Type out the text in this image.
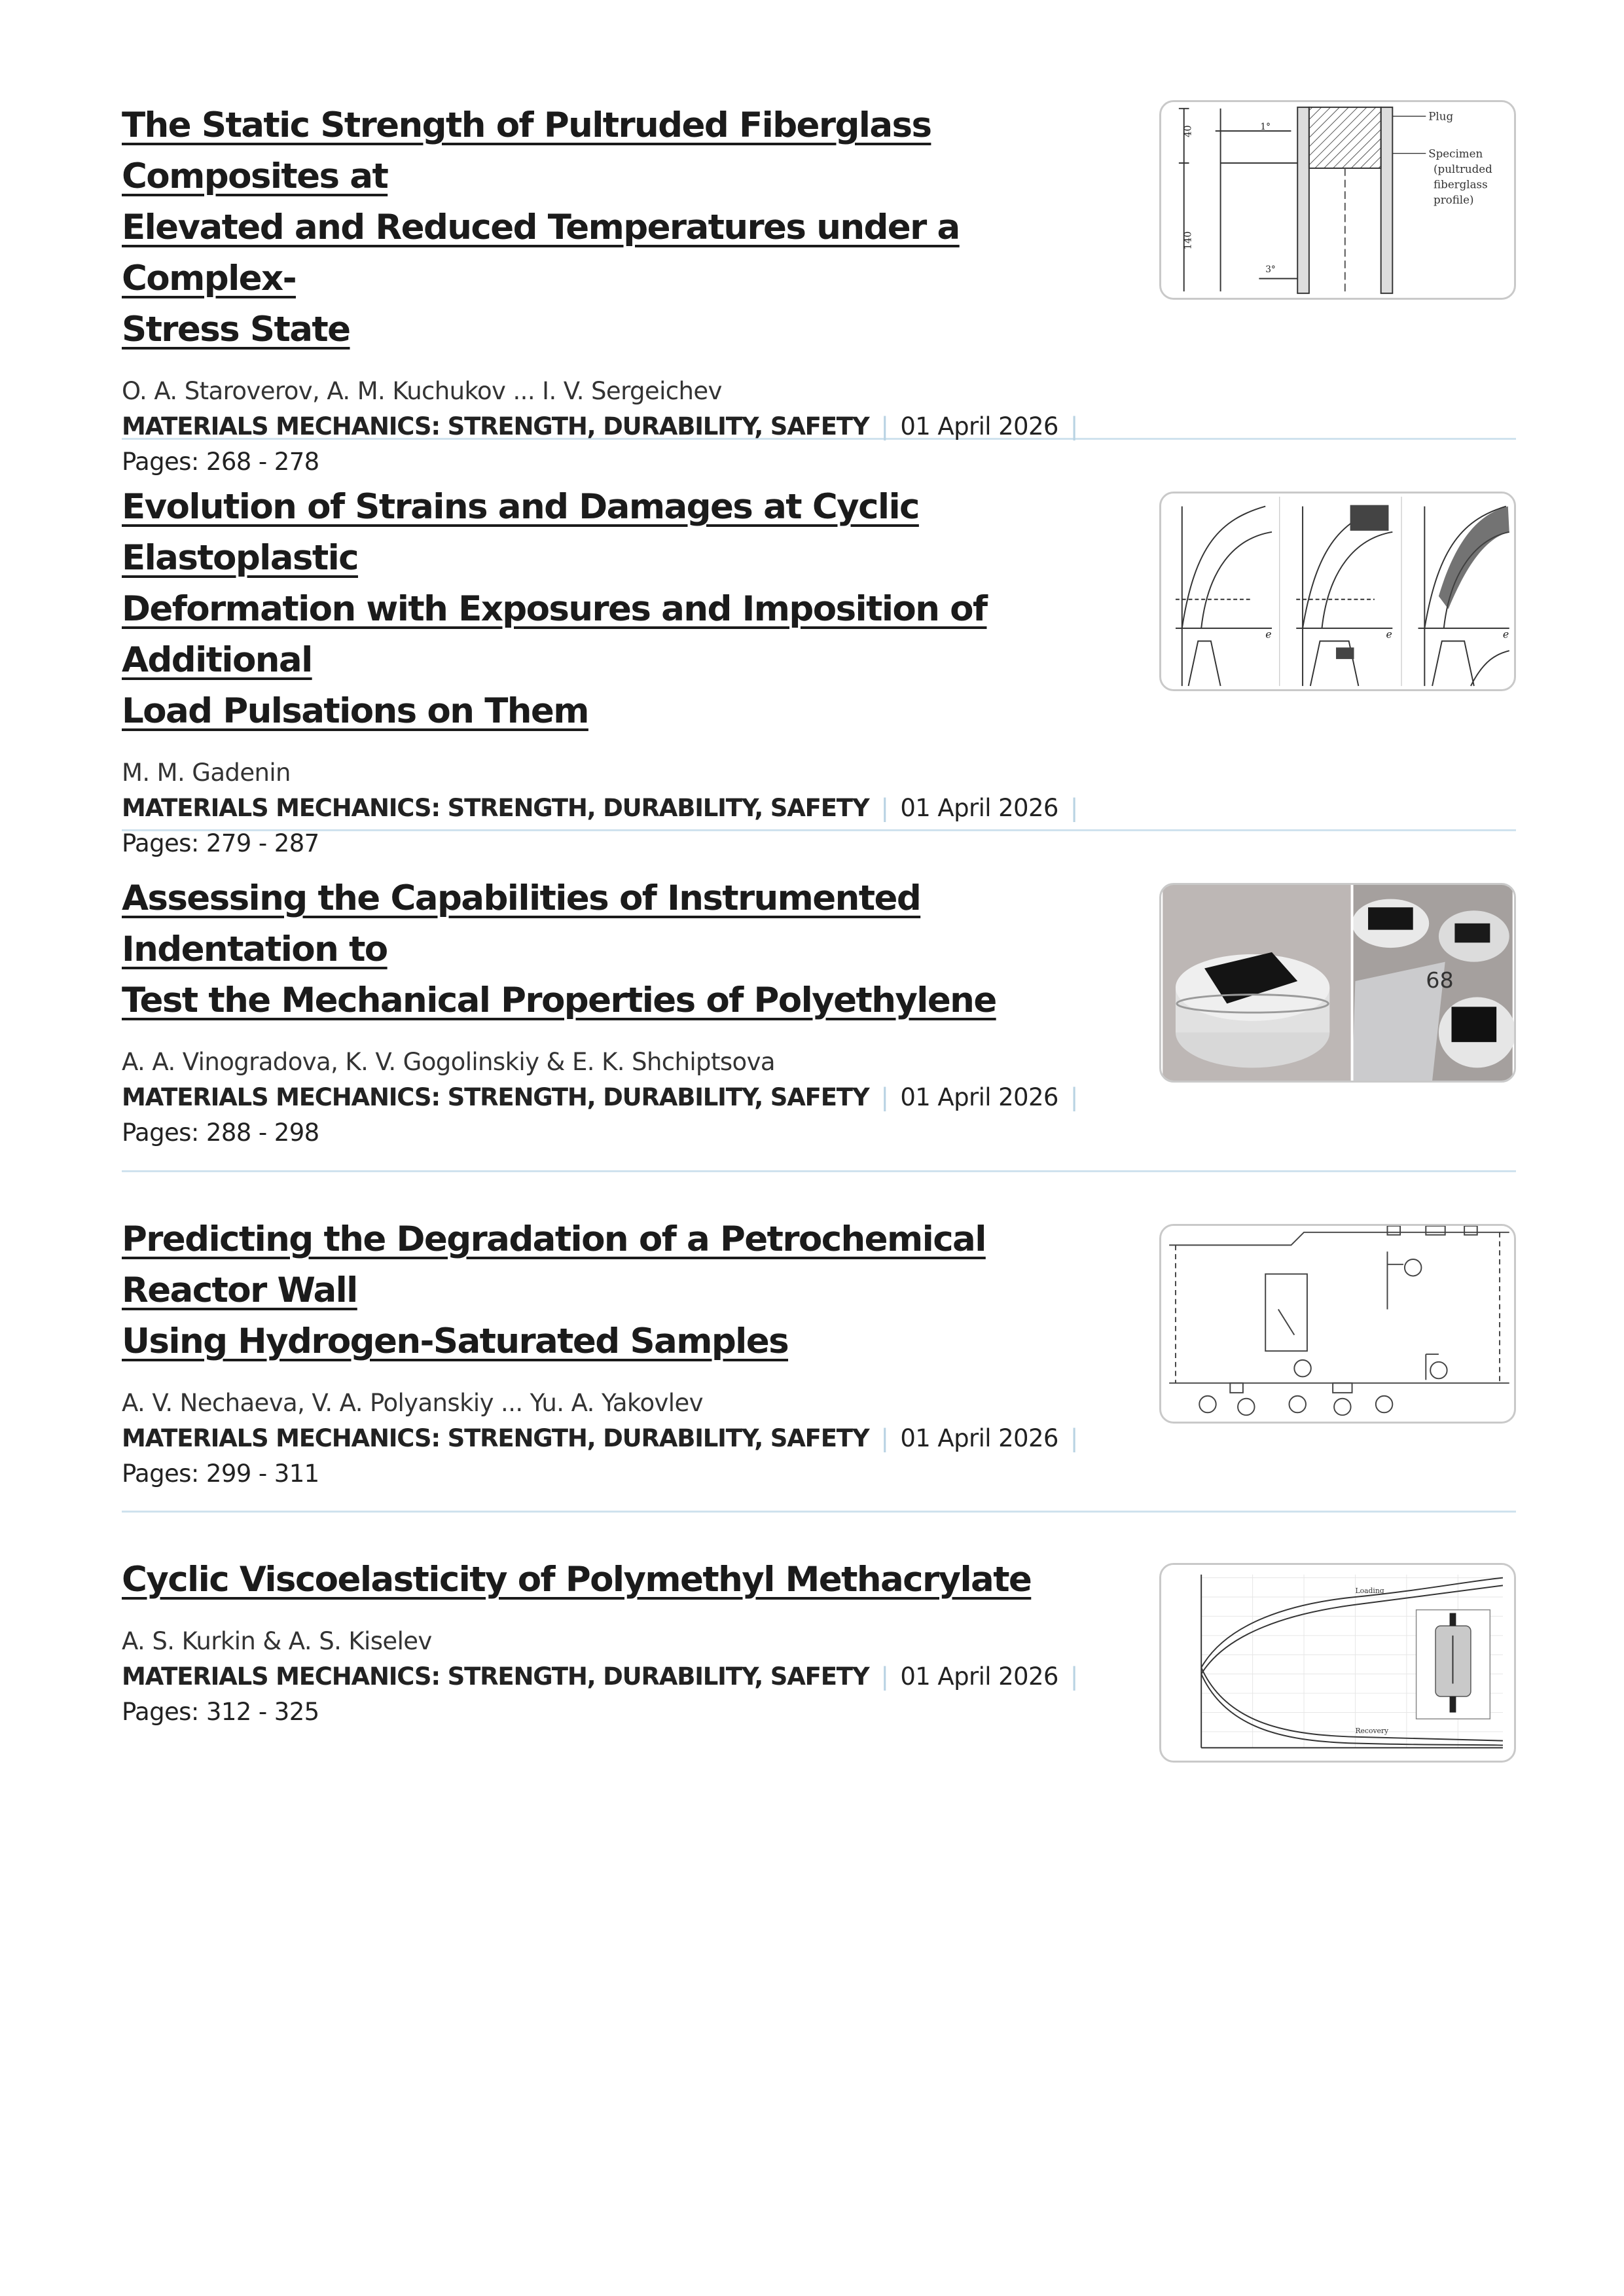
The Static Strength of Pultruded Fiberglass Composites at
Elevated and Reduced Temperatures under a Complex-
Stress State
O. A. Staroverov, A. M. Kuchukov ... I. V. Sergeichev
MATERIALS MECHANICS: STRENGTH, DURABILITY, SAFETY | 01 April 2026 |
Pages: 268 - 278
40
140
1°
3°
Plug
Specimen
(pultruded
fiberglass
profile)
Evolution of Strains and Damages at Cyclic Elastoplastic
Deformation with Exposures and Imposition of Additional
Load Pulsations on Them
M. M. Gadenin
MATERIALS MECHANICS: STRENGTH, DURABILITY, SAFETY | 01 April 2026 |
Pages: 279 - 287
e	e	e
Assessing the Capabilities of Instrumented Indentation to
Test the Mechanical Properties of Polyethylene
A. A. Vinogradova, K. V. Gogolinskiy & E. K. Shchiptsova
MATERIALS MECHANICS: STRENGTH, DURABILITY, SAFETY | 01 April 2026 |
Pages: 288 - 298
68
Predicting the Degradation of a Petrochemical Reactor Wall
Using Hydrogen-Saturated Samples
A. V. Nechaeva, V. A. Polyanskiy ... Yu. A. Yakovlev
MATERIALS MECHANICS: STRENGTH, DURABILITY, SAFETY | 01 April 2026 |
Pages: 299 - 311
Cyclic Viscoelasticity of Polymethyl Methacrylate
A. S. Kurkin & A. S. Kiselev
MATERIALS MECHANICS: STRENGTH, DURABILITY, SAFETY | 01 April 2026 |
Pages: 312 - 325
Loading
Recovery
